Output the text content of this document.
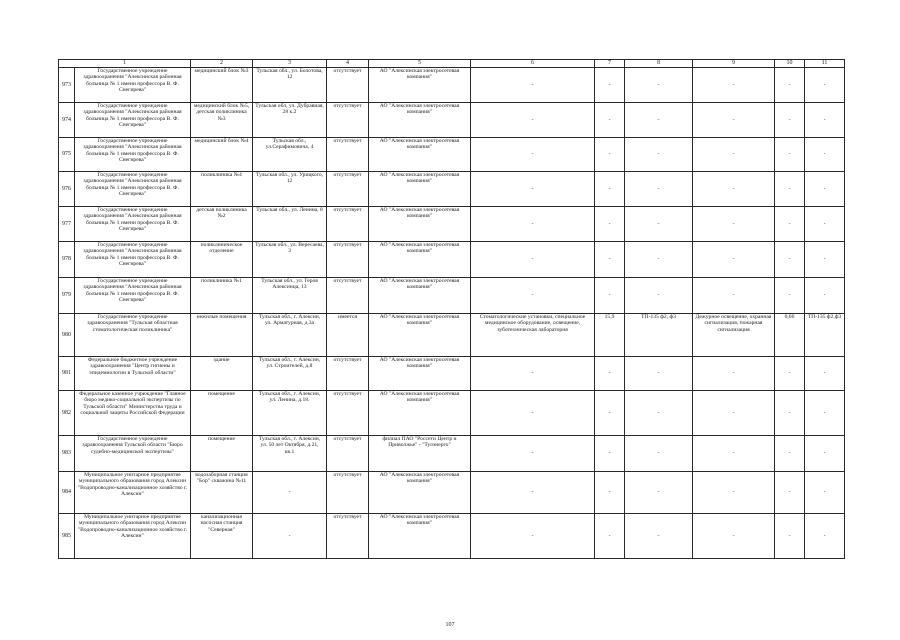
1		2	3	4	5	6	7	8	9	10	11
973	Государственное учреждение здравоохранения "Алексинская районная больница № 1 имени профессора В. Ф. Снегирева"	медицинский блок №3	Тульская обл., ул. Болотова, 12	отсутствует	АО "Алексинская электросетевая компания"	-	-	-	-	-	-
974	Государственное учреждение здравоохранения "Алексинская районная больница № 1 имени профессора В. Ф. Снегирева"	медицинский блок №5, детская поликлиника №3	Тульская обл, ул. Дубравная, 28 к.2	отсутствует	АО "Алексинская электросетевая компания"	-	-	-	-	-	-
975	Государственное учреждение здравоохранения "Алексинская районная больница № 1 имени профессора В. Ф. Снегирева"	медицинский блок №4	Тульская обл., ул.Серафимовича, 4	отсутствует	АО "Алексинская электросетевая компания"	-	-	-	-	-	-
976	Государственное учреждение здравоохранения "Алексинская районная больница № 1 имени профессора В. Ф. Снегирева"	поликлиника №4	Тульская обл., ул. Урицкого, 12	отсутствует	АО "Алексинская электросетевая компания"	-	-	-	-	-	-
977	Государственное учреждение здравоохранения "Алексинская районная больница № 1 имени профессора В. Ф. Снегирева"	детская поликлиника №2	Тульская обл., ул. Ленина, 8	отсутствует	АО "Алексинская электросетевая компания"	-	-	-	-	-	-
978	Государственное учреждение здравоохранения "Алексинская районная больница № 1 имени профессора В. Ф. Снегирева"	поликлиническое отделение	Тульская обл., ул. Вересаева, 3	отсутствует	АО "Алексинская электросетевая компания"	-	-	-	-	-	-
979	Государственное учреждение здравоохранения "Алексинская районная больница № 1 имени профессора В. Ф. Снегирева"	поликлиника №1	Тульская обл., ул. Героя Алексинца, 13	отсутствует	АО "Алексинская электросетевая компания"	-	-	-	-	-	-
980	Государственное учреждение здравоохранения "Тульская областная стоматологическая поликлиника"	нежилые помещения	Тульская обл., г. Алексин, ул. Арматурная, д.3а	имеется	АО "Алексинская электросетевая компания"	Стоматологические установки, специальное медицинское оборудование, освещение, зуботехническая лаборатория	15,9	ТП-135 ф2, ф3	Дежурное освещение, охранная сигнализация, пожарная сигнализация	0,66	ТП-135 ф2,ф3
981	Федеральное бюджетное учреждение здравоохранения "Центр гигиены и эпидемиологии в Тульской области"	здание	Тульская обл., г. Алексин, ул. Строителей, д.8	отсутствует	АО "Алексинская электросетевая компания"	-	-	-	-	-	-
982	Федеральное казенное учреждение "Главное бюро медико-социальной экспертизы по Тульской области" Министерства труда и социальной защиты Российской Федерации	помещение	Тульская обл., г. Алексин, ул. Ленина, д.18.	отсутствует	АО "Алексинская электросетевая компания"	-	-	-	-	-	-
983	Государственное учреждение здравоохранения Тульской области "Бюро судебно-медицинской экспертизы"	помещение	Тульская обл., г. Алексин, ул. 50 лет Октября, д.21, кв.1	отсутствует	филиал ПАО "Россети Центр и Приволжье" - "Тулэнерго"	-	-	-	-	-	-
984	Муниципальное унитарное предприятие муниципального образования город Алексин "Водопроводно-канализационное хозяйство г. Алексин"	водозаборная станция "Бор" скважина №11	-	отсутствует	АО "Алексинская электросетевая компания"	-	-	-	-	-	-
985	Муниципальное унитарное предприятие муниципального образования город Алексин "Водопроводно-канализационное хозяйство г. Алексин"	канализационная насосная станция "Северная"	-	отсутствует	АО "Алексинская электросетевая компания"	-	-	-	-	-	-
107
